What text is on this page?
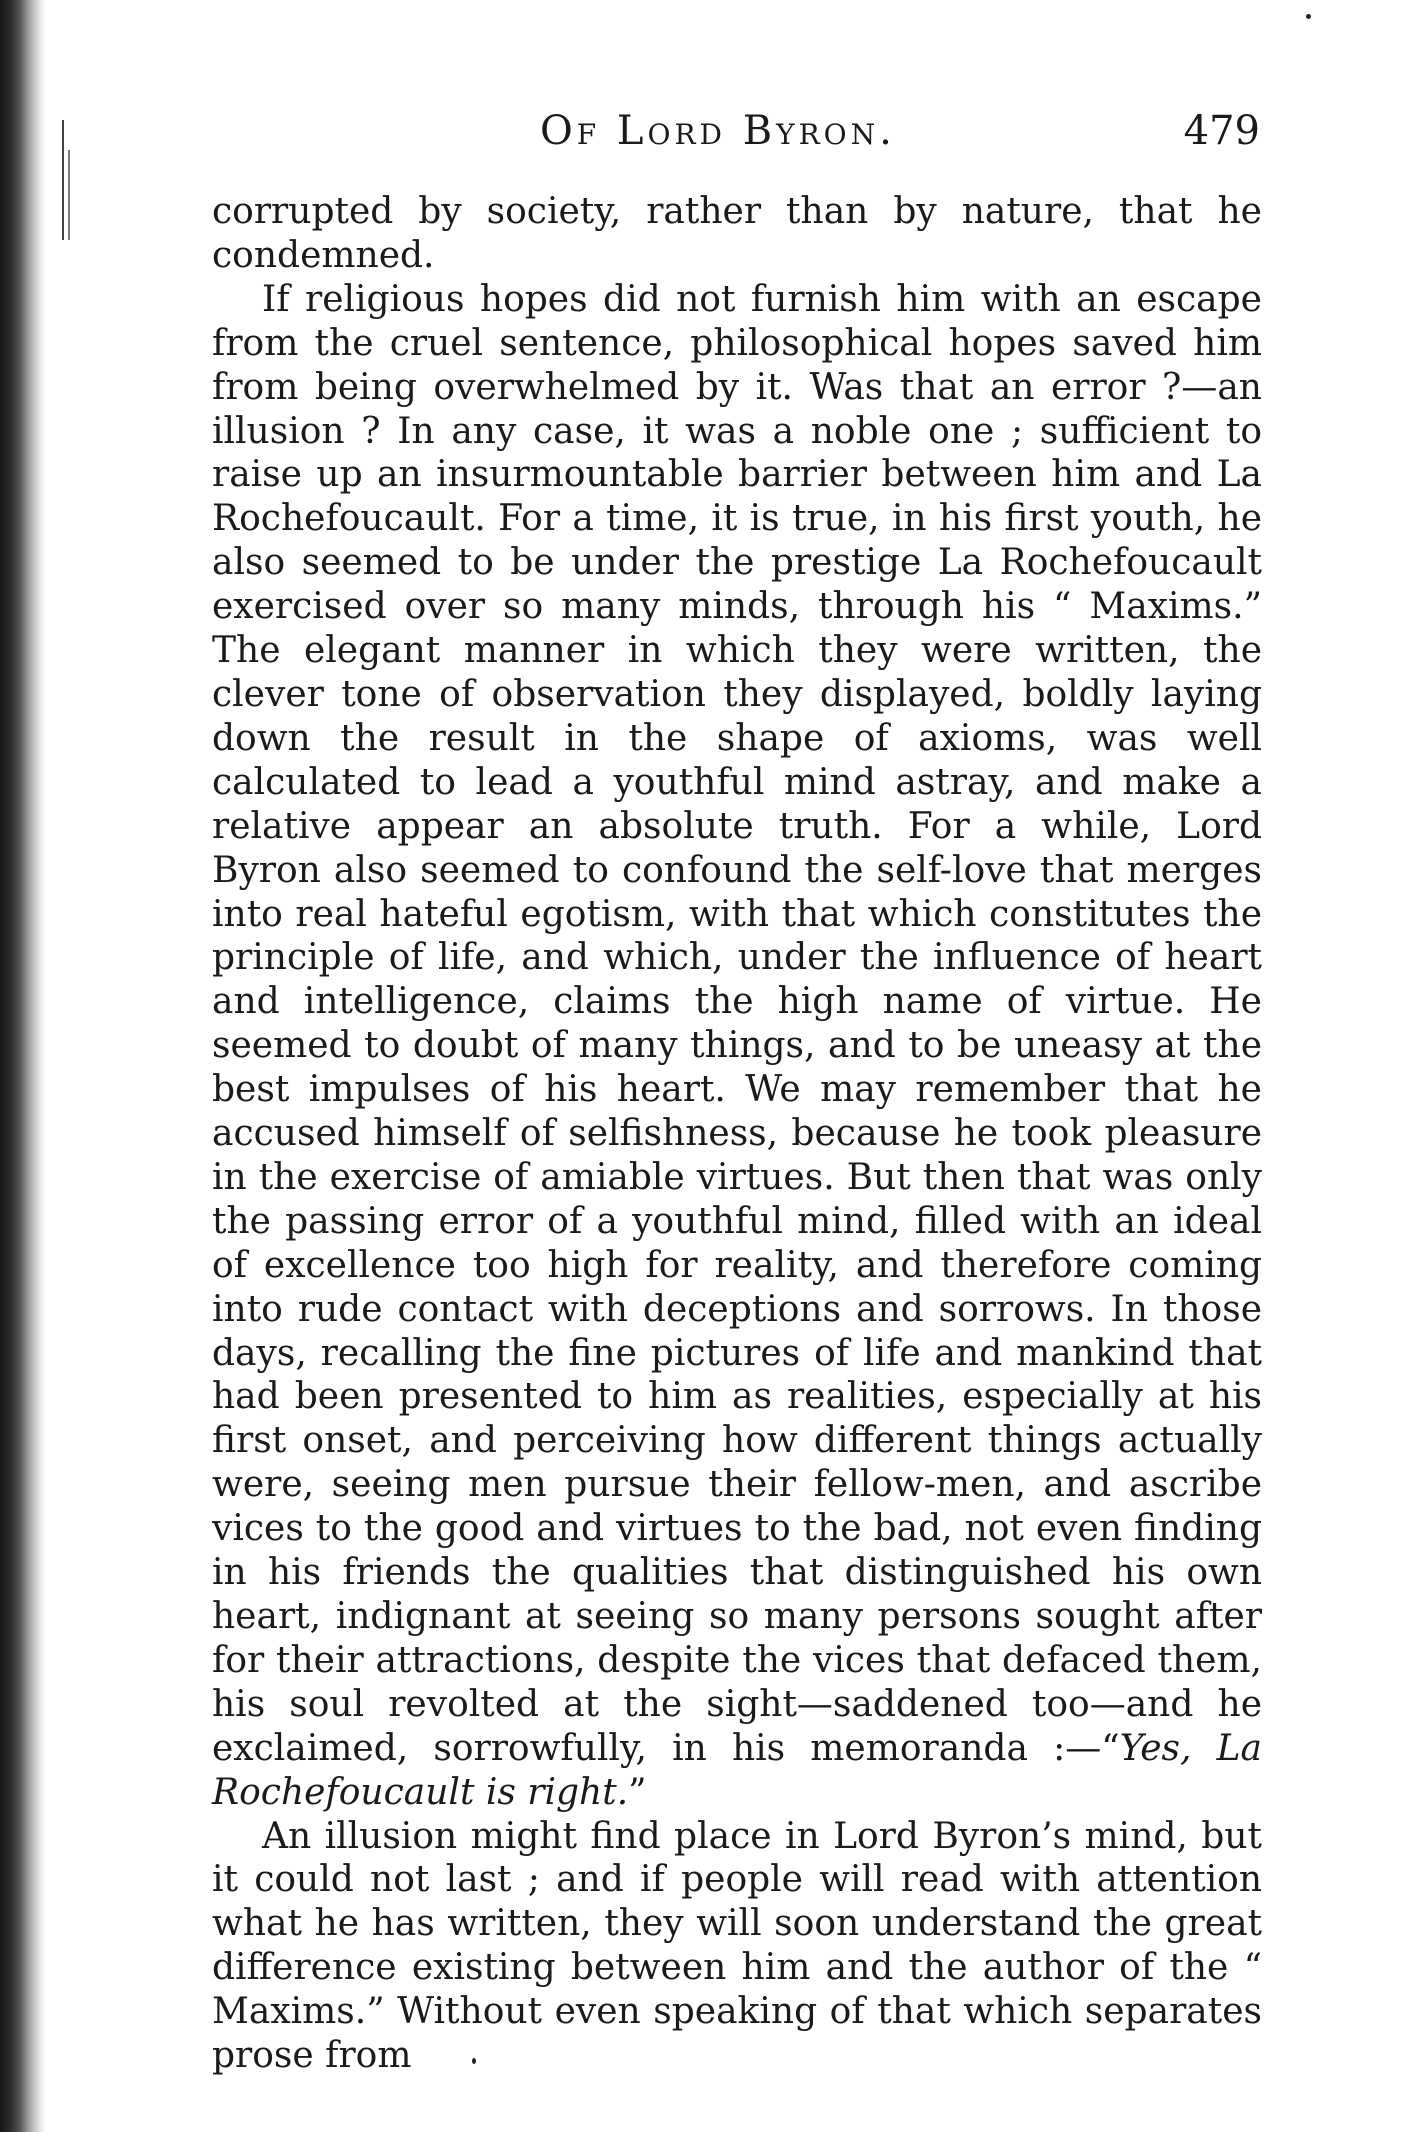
Of Lord Byron.	479

corrupted by society, rather than by nature, that he condemned.

If religious hopes did not furnish him with an escape from the cruel sentence, philosophical hopes saved him from being overwhelmed by it. Was that an error ?—an illusion ? In any case, it was a noble one ; sufficient to raise up an insurmountable barrier between him and La Rochefoucault. For a time, it is true, in his first youth, he also seemed to be under the prestige La Rochefoucault exercised over so many minds, through his “ Maxims.” The elegant manner in which they were written, the clever tone of observation they displayed, boldly laying down the result in the shape of axioms, was well calculated to lead a youthful mind astray, and make a relative appear an absolute truth. For a while, Lord Byron also seemed to confound the self-love that merges into real hateful egotism, with that which constitutes the principle of life, and which, under the influence of heart and intelligence, claims the high name of virtue. He seemed to doubt of many things, and to be uneasy at the best impulses of his heart. We may remember that he accused himself of selfishness, because he took pleasure in the exercise of amiable virtues. But then that was only the passing error of a youthful mind, filled with an ideal of excellence too high for reality, and therefore coming into rude contact with deceptions and sorrows. In those days, recalling the fine pictures of life and mankind that had been presented to him as realities, especially at his first onset, and perceiving how different things actually were, seeing men pursue their fellow-men, and ascribe vices to the good and virtues to the bad, not even finding in his friends the qualities that distinguished his own heart, indignant at seeing so many persons sought after for their attractions, despite the vices that defaced them, his soul revolted at the sight—saddened too—and he exclaimed, sorrowfully, in his memoranda :—“Yes, La Rochefoucault is right.”

An illusion might find place in Lord Byron’s mind, but it could not last ; and if people will read with attention what he has written, they will soon understand the great difference existing between him and the author of the “ Maxims.” Without even speaking of that which separates prose from
